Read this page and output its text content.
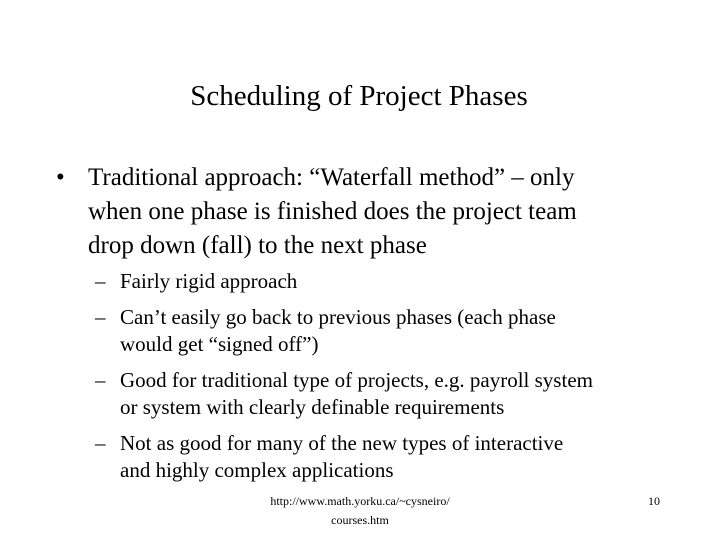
Scheduling of Project Phases
• Traditional approach: “Waterfall method” – only
when one phase is finished does the project team
drop down (fall) to the next phase
– Fairly rigid approach
– Can’t easily go back to previous phases (each phase
would get “signed off”)
– Good for traditional type of projects, e.g. payroll system
or system with clearly definable requirements
– Not as good for many of the new types of interactive
and highly complex applications
http://www.math.yorku.ca/~cysneiro/
courses.htm
10
